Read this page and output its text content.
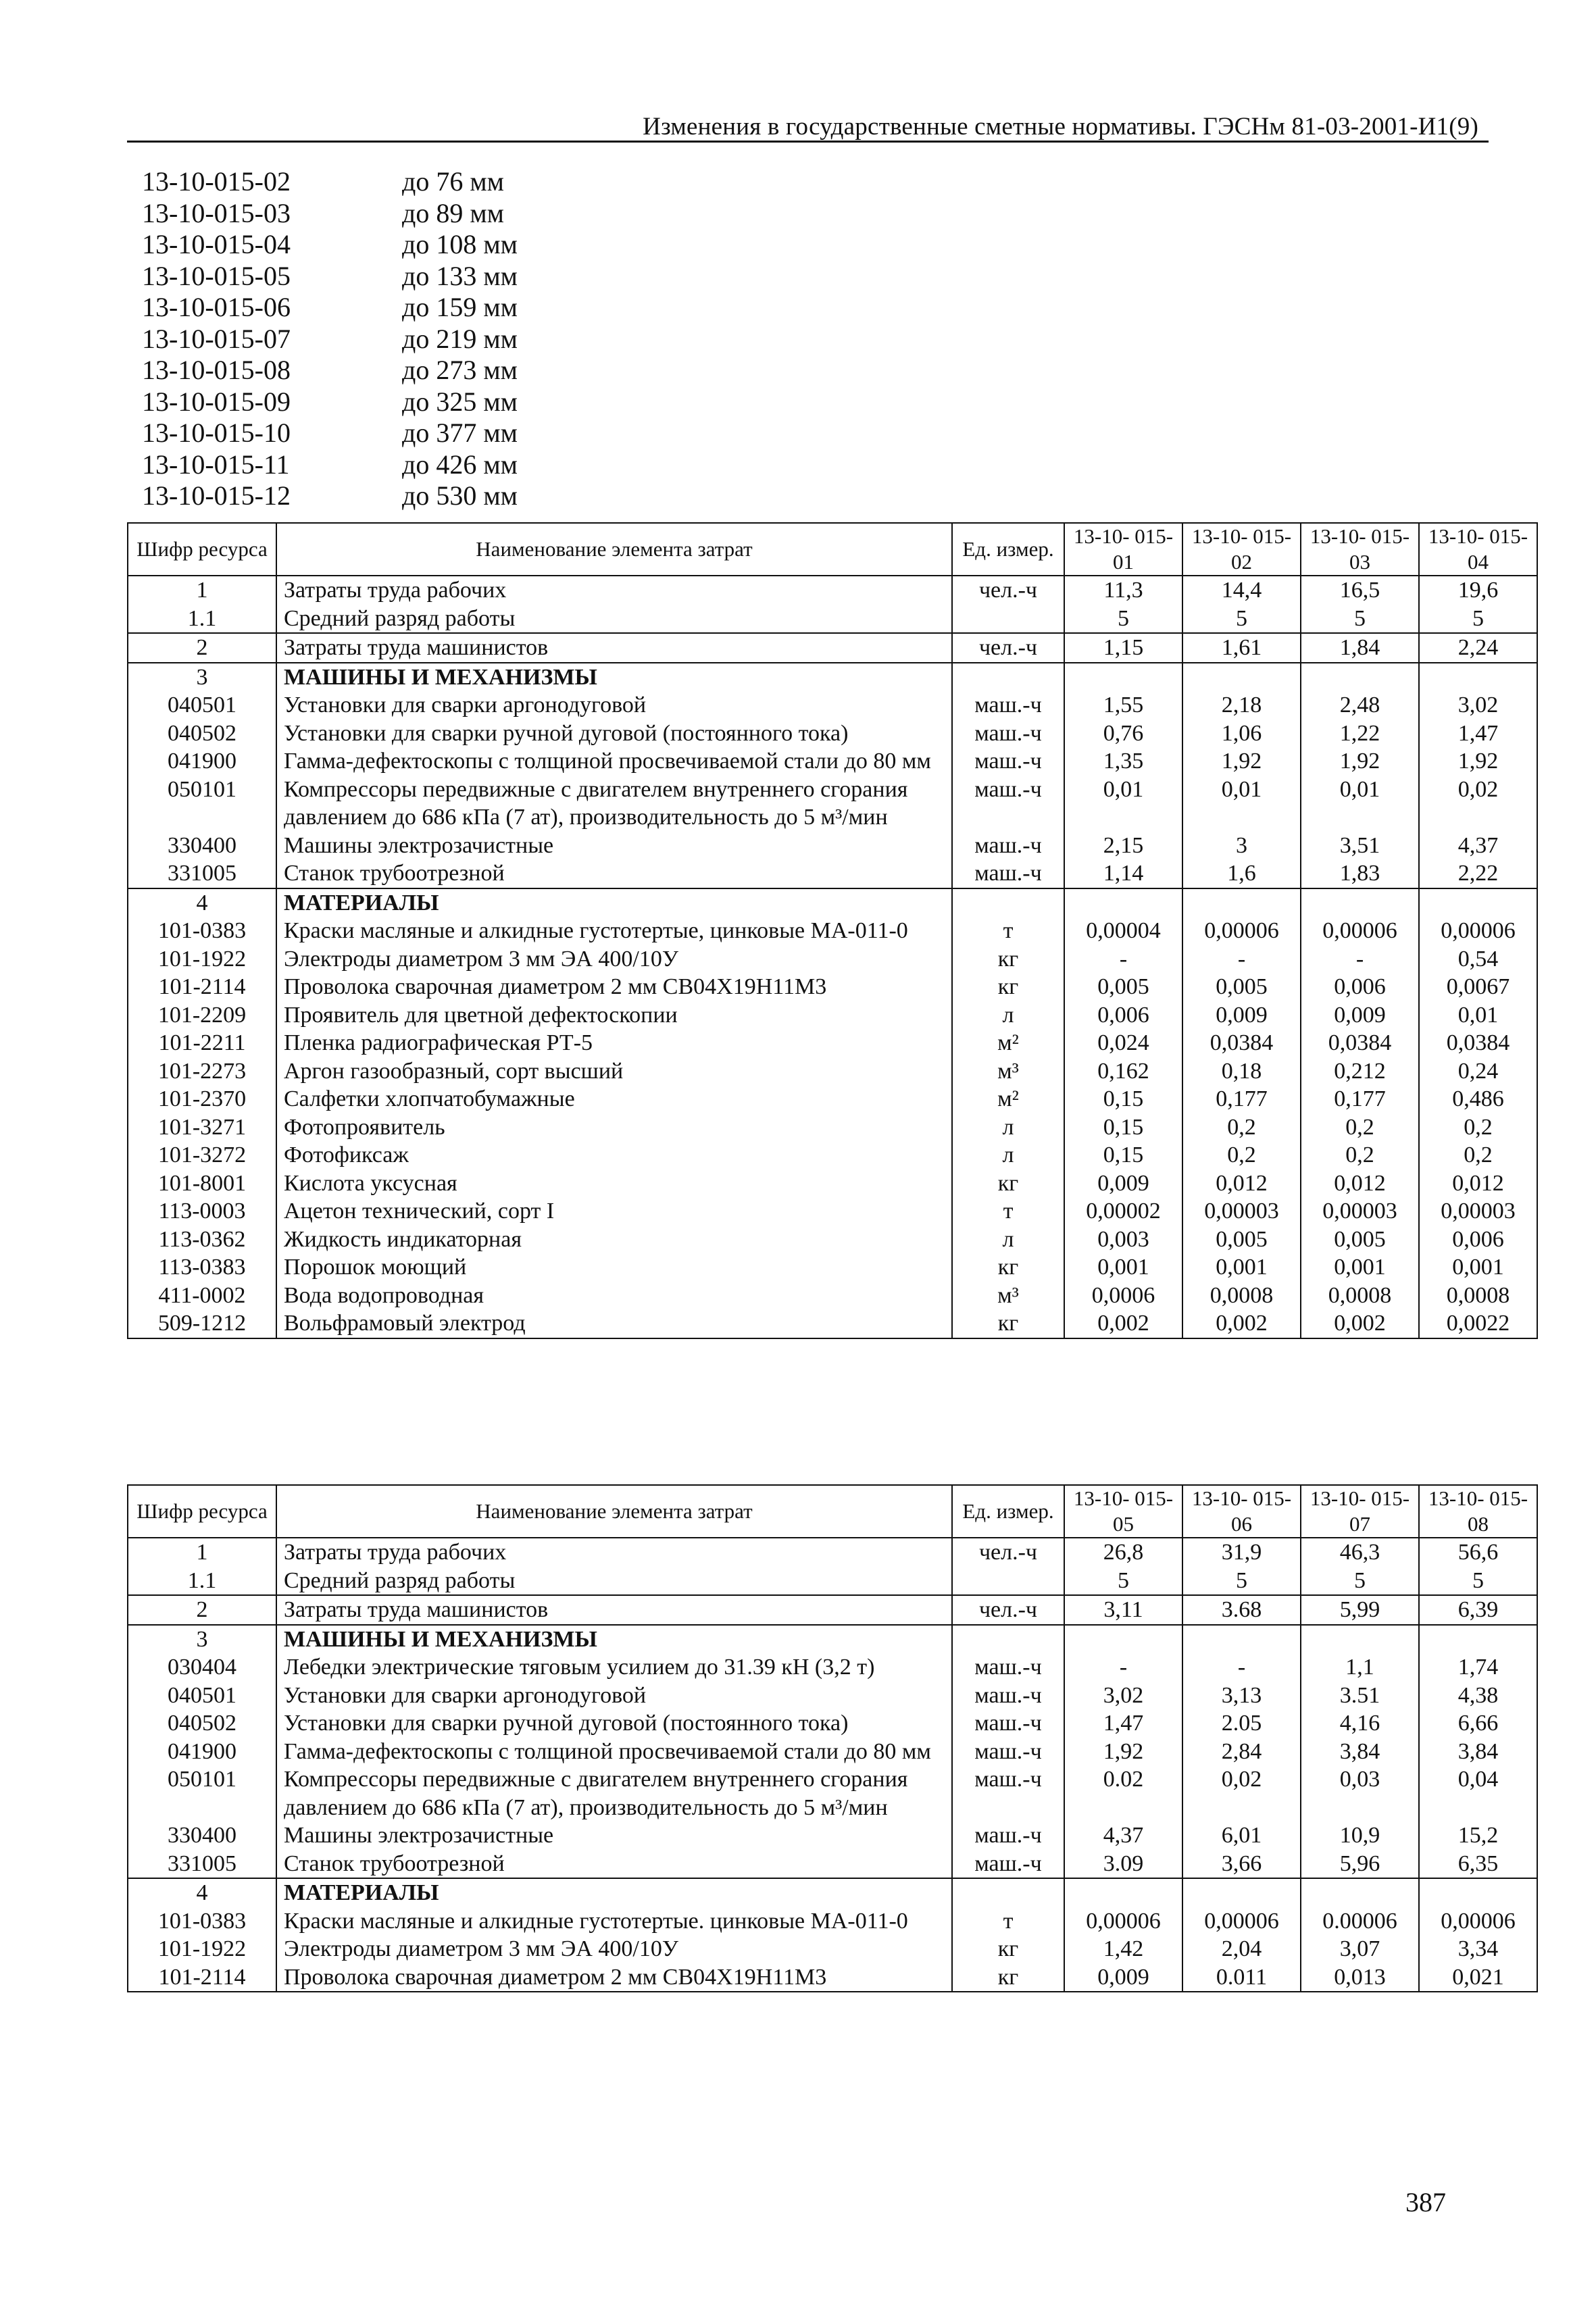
Изменения в государственные сметные нормативы. ГЭСНм 81-03-2001-И1(9)
13-10-015-02	до 76 мм
13-10-015-03	до 89 мм
13-10-015-04	до 108 мм
13-10-015-05	до 133 мм
13-10-015-06	до 159 мм
13-10-015-07	до 219 мм
13-10-015-08	до 273 мм
13-10-015-09	до 325 мм
13-10-015-10	до 377 мм
13-10-015-11	до 426 мм
13-10-015-12	до 530 мм
Шифр ресурса	Наименование элемента затрат	Ед. измер.	13-10- 015-01	13-10- 015-02	13-10- 015-03	13-10- 015-04
1	Затраты труда рабочих	чел.-ч	11,3	14,4	16,5	19,6
1.1	Средний разряд работы		5	5	5	5
2	Затраты труда машинистов	чел.-ч	1,15	1,61	1,84	2,24
3	МАШИНЫ И МЕХАНИЗМЫ					
040501	Установки для сварки аргонодуговой	маш.-ч	1,55	2,18	2,48	3,02
040502	Установки для сварки ручной дуговой (постоянного тока)	маш.-ч	0,76	1,06	1,22	1,47
041900	Гамма-дефектоскопы с толщиной просвечиваемой стали до 80 мм	маш.-ч	1,35	1,92	1,92	1,92
050101	Компрессоры передвижные с двигателем внутреннего сгорания давлением до 686 кПа (7 ат), производительность до 5 м³/мин	маш.-ч	0,01	0,01	0,01	0,02
330400	Машины электрозачистные	маш.-ч	2,15	3	3,51	4,37
331005	Станок трубоотрезной	маш.-ч	1,14	1,6	1,83	2,22
4	МАТЕРИАЛЫ					
101-0383	Краски масляные и алкидные густотертые, цинковые МА-011-0	т	0,00004	0,00006	0,00006	0,00006
101-1922	Электроды диаметром 3 мм ЭА 400/10У	кг	-	-	-	0,54
101-2114	Проволока сварочная диаметром 2 мм СВ04Х19Н11М3	кг	0,005	0,005	0,006	0,0067
101-2209	Проявитель для цветной дефектоскопии	л	0,006	0,009	0,009	0,01
101-2211	Пленка радиографическая РТ-5	м²	0,024	0,0384	0,0384	0,0384
101-2273	Аргон газообразный, сорт высший	м³	0,162	0,18	0,212	0,24
101-2370	Салфетки хлопчатобумажные	м²	0,15	0,177	0,177	0,486
101-3271	Фотопроявитель	л	0,15	0,2	0,2	0,2
101-3272	Фотофиксаж	л	0,15	0,2	0,2	0,2
101-8001	Кислота уксусная	кг	0,009	0,012	0,012	0,012
113-0003	Ацетон технический, сорт I	т	0,00002	0,00003	0,00003	0,00003
113-0362	Жидкость индикаторная	л	0,003	0,005	0,005	0,006
113-0383	Порошок моющий	кг	0,001	0,001	0,001	0,001
411-0002	Вода водопроводная	м³	0,0006	0,0008	0,0008	0,0008
509-1212	Вольфрамовый электрод	кг	0,002	0,002	0,002	0,0022
Шифр ресурса	Наименование элемента затрат	Ед. измер.	13-10- 015-05	13-10- 015-06	13-10- 015-07	13-10- 015-08
1	Затраты труда рабочих	чел.-ч	26,8	31,9	46,3	56,6
1.1	Средний разряд работы		5	5	5	5
2	Затраты труда машинистов	чел.-ч	3,11	3.68	5,99	6,39
3	МАШИНЫ И МЕХАНИЗМЫ					
030404	Лебедки электрические тяговым усилием до 31.39 кН (3,2 т)	маш.-ч	-	-	1,1	1,74
040501	Установки для сварки аргонодуговой	маш.-ч	3,02	3,13	3.51	4,38
040502	Установки для сварки ручной дуговой (постоянного тока)	маш.-ч	1,47	2.05	4,16	6,66
041900	Гамма-дефектоскопы с толщиной просвечиваемой стали до 80 мм	маш.-ч	1,92	2,84	3,84	3,84
050101	Компрессоры передвижные с двигателем внутреннего сгорания давлением до 686 кПа (7 ат), производительность до 5 м³/мин	маш.-ч	0.02	0,02	0,03	0,04
330400	Машины электрозачистные	маш.-ч	4,37	6,01	10,9	15,2
331005	Станок трубоотрезной	маш.-ч	3.09	3,66	5,96	6,35
4	МАТЕРИАЛЫ					
101-0383	Краски масляные и алкидные густотертые. цинковые МА-011-0	т	0,00006	0,00006	0.00006	0,00006
101-1922	Электроды диаметром 3 мм ЭА 400/10У	кг	1,42	2,04	3,07	3,34
101-2114	Проволока сварочная диаметром 2 мм СВ04Х19Н11М3	кг	0,009	0.011	0,013	0,021
387
